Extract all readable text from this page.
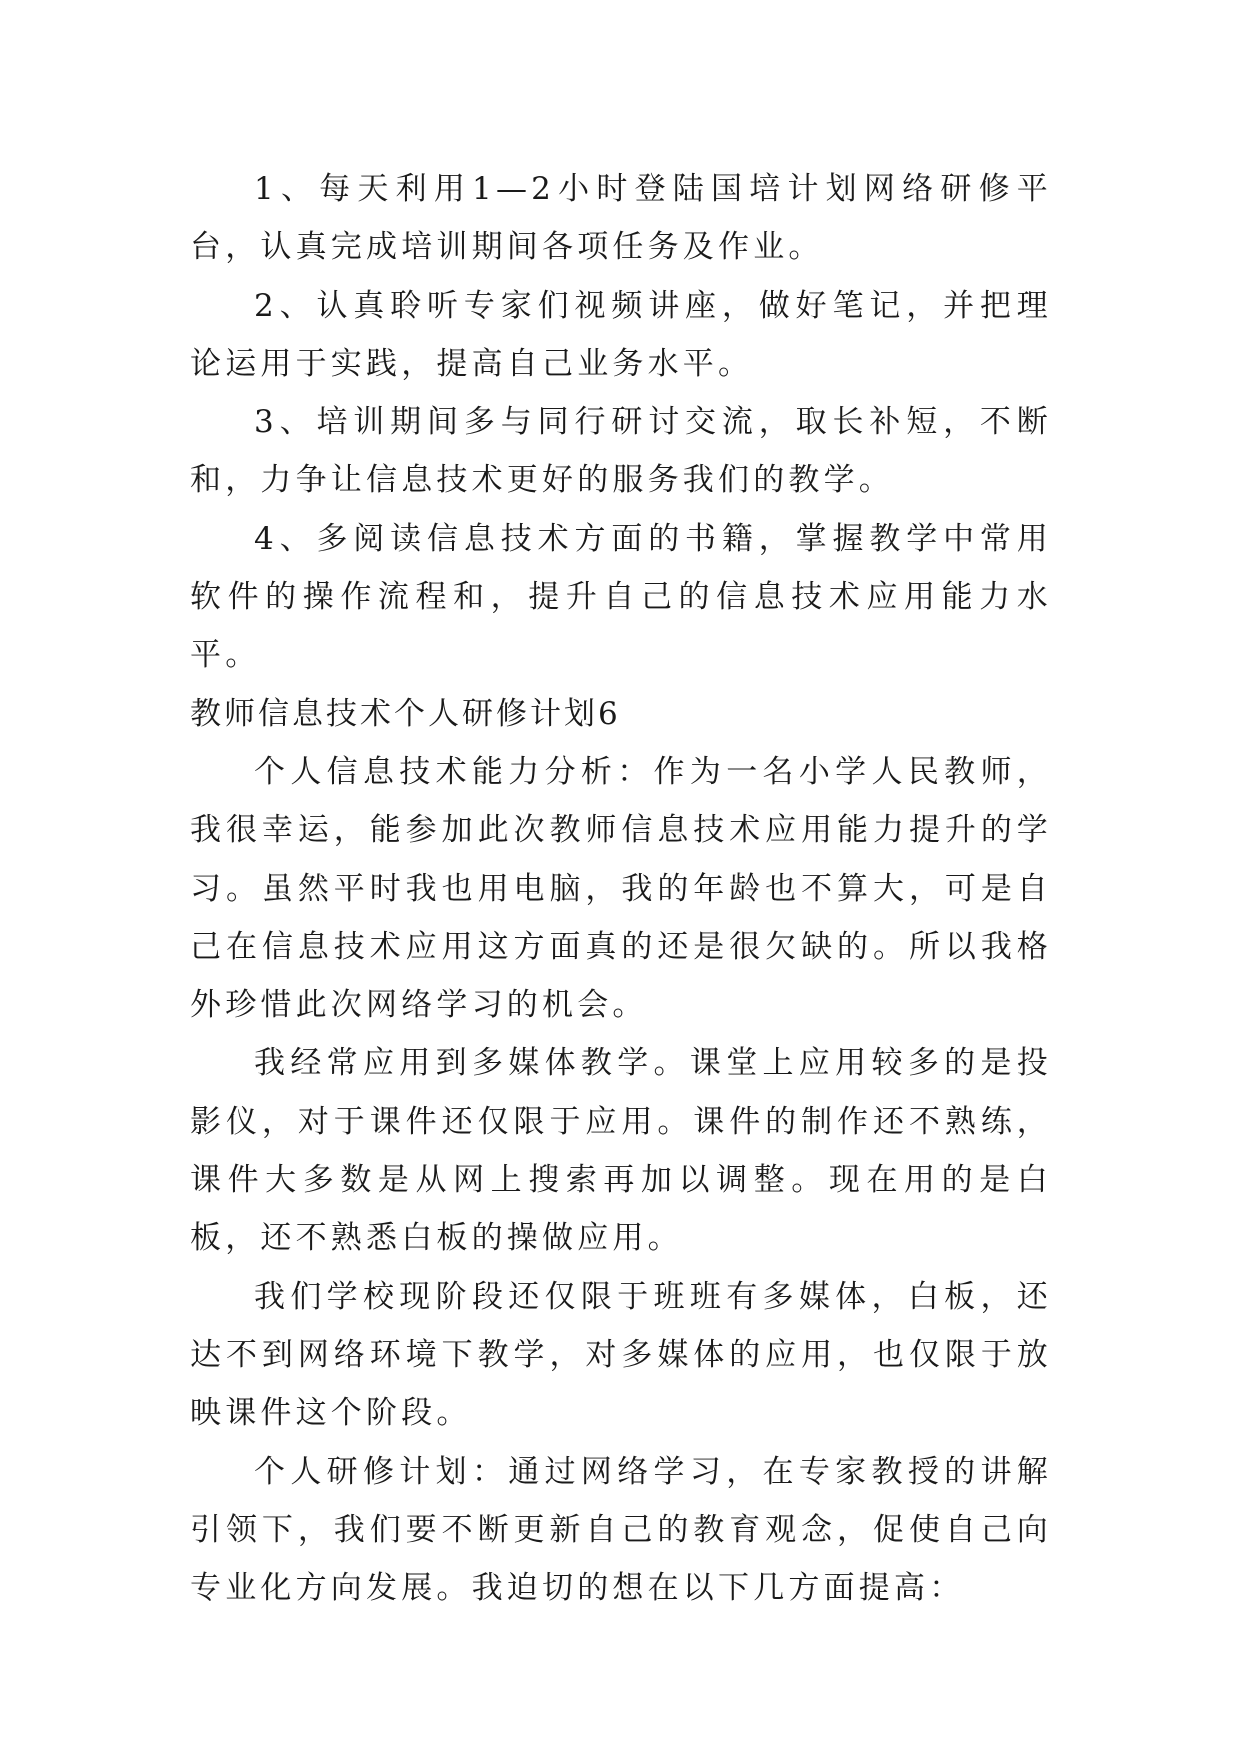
1、每天利用1—2小时登陆国培计划网络研修平台，认真完成培训期间各项任务及作业。

2、认真聆听专家们视频讲座，做好笔记，并把理论运用于实践，提高自己业务水平。

3、培训期间多与同行研讨交流，取长补短，不断和，力争让信息技术更好的服务我们的教学。

4、多阅读信息技术方面的书籍，掌握教学中常用软件的操作流程和，提升自己的信息技术应用能力水平。

教师信息技术个人研修计划6

个人信息技术能力分析：作为一名小学人民教师，我很幸运，能参加此次教师信息技术应用能力提升的学习。虽然平时我也用电脑，我的年龄也不算大，可是自己在信息技术应用这方面真的还是很欠缺的。所以我格外珍惜此次网络学习的机会。

我经常应用到多媒体教学。课堂上应用较多的是投影仪，对于课件还仅限于应用。课件的制作还不熟练，课件大多数是从网上搜索再加以调整。现在用的是白板，还不熟悉白板的操做应用。

我们学校现阶段还仅限于班班有多媒体，白板，还达不到网络环境下教学，对多媒体的应用，也仅限于放映课件这个阶段。

个人研修计划：通过网络学习，在专家教授的讲解引领下，我们要不断更新自己的教育观念，促使自己向专业化方向发展。我迫切的想在以下几方面提高：
